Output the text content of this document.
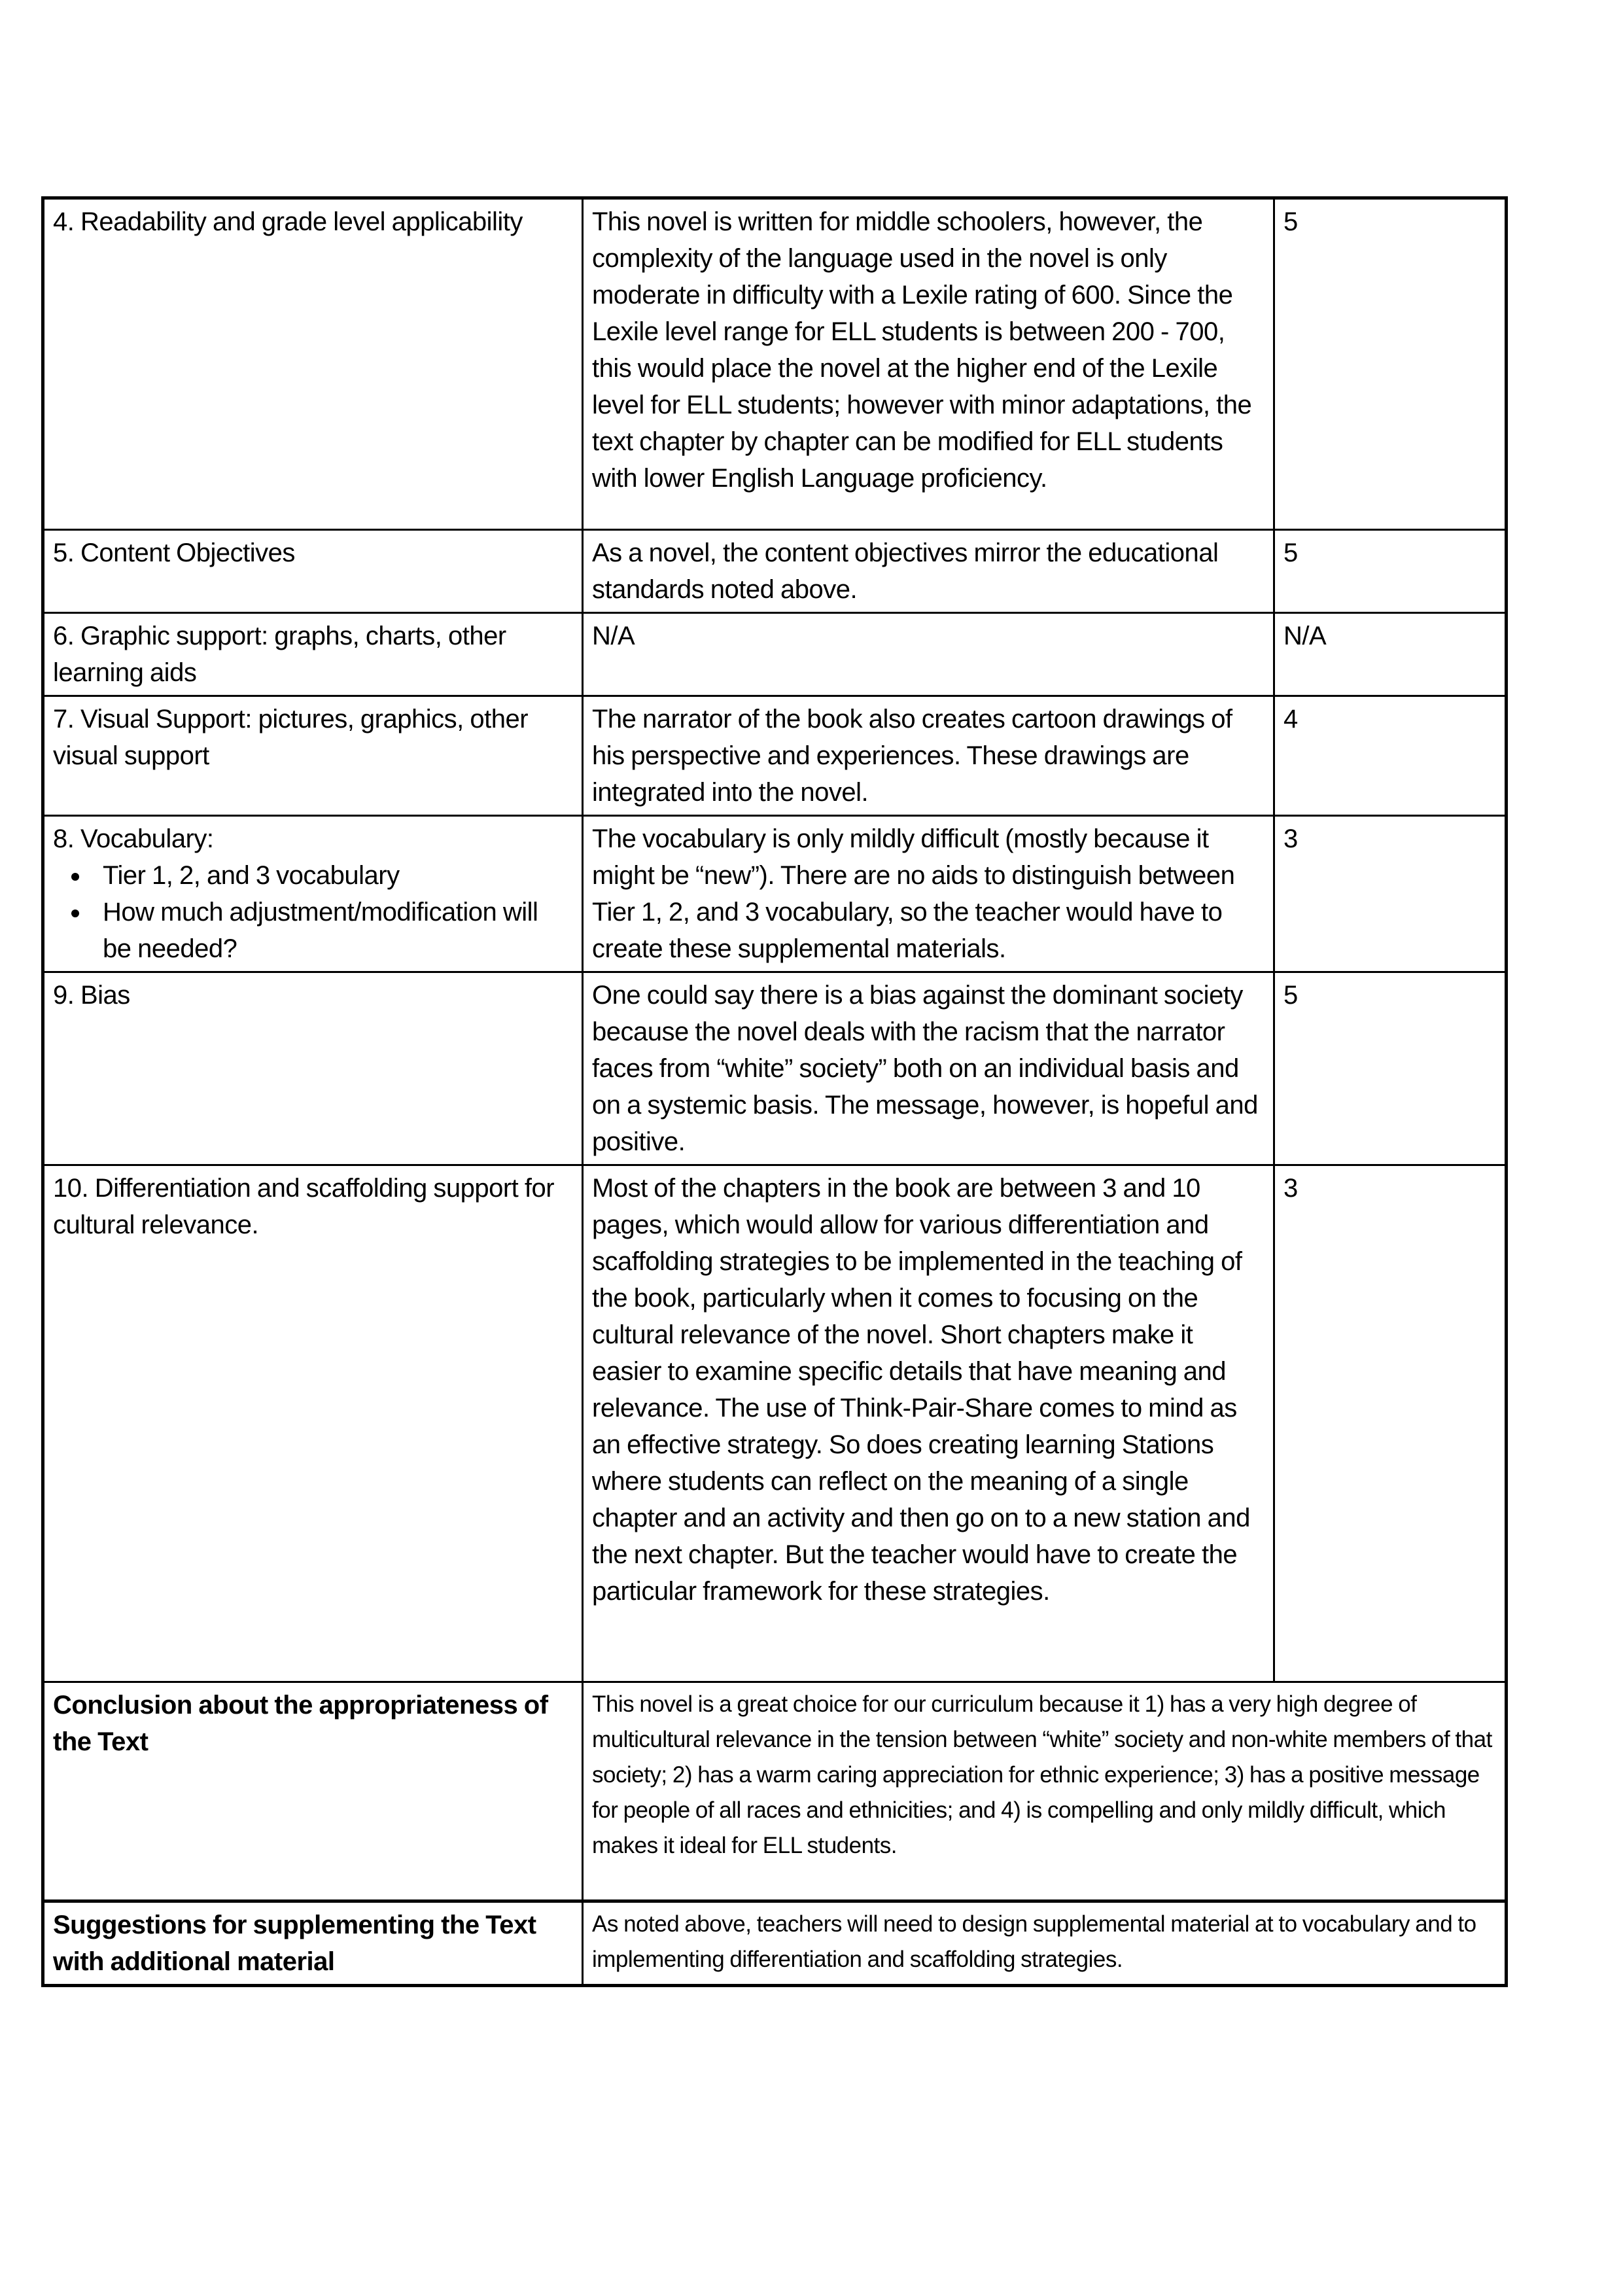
4. Readability and grade level applicability	This novel is written for middle schoolers, however, the complexity of the language used in the novel is only moderate in difficulty with a Lexile rating of 600. Since the Lexile level range for ELL students is between 200 - 700, this would place the novel at the higher end of the Lexile level for ELL students; however with minor adaptations, the text chapter by chapter can be modified for ELL students with lower English Language proficiency.	5

5. Content Objectives	As a novel, the content objectives mirror the educational standards noted above.	5

6. Graphic support: graphs, charts, other learning aids	N/A	N/A

7. Visual Support: pictures, graphics, other visual support	The narrator of the book also creates cartoon drawings of his perspective and experiences. These drawings are integrated into the novel.	4

8. Vocabulary:
• Tier 1, 2, and 3 vocabulary
• How much adjustment/modification will be needed?
	The vocabulary is only mildly difficult (mostly because it might be “new”). There are no aids to distinguish between Tier 1, 2, and 3 vocabulary, so the teacher would have to create these supplemental materials.	3

9. Bias	One could say there is a bias against the dominant society because the novel deals with the racism that the narrator faces from “white” society” both on an individual basis and on a systemic basis. The message, however, is hopeful and positive.	5

10. Differentiation and scaffolding support for cultural relevance.	Most of the chapters in the book are between 3 and 10 pages, which would allow for various differentiation and scaffolding strategies to be implemented in the teaching of the book, particularly when it comes to focusing on the cultural relevance of the novel. Short chapters make it easier to examine specific details that have meaning and relevance. The use of Think-Pair-Share comes to mind as an effective strategy. So does creating learning Stations where students can reflect on the meaning of a single chapter and an activity and then go on to a new station and the next chapter. But the teacher would have to create the particular framework for these strategies.	3
Conclusion about the appropriateness of the Text	This novel is a great choice for our curriculum because it 1) has a very high degree of multicultural relevance in the tension between “white” society and non-white members of that society; 2) has a warm caring appreciation for ethnic experience; 3) has a positive message for people of all races and ethnicities; and 4) is compelling and only mildly difficult, which makes it ideal for ELL students.	
Suggestions for supplementing the Text with additional material	As noted above, teachers will need to design supplemental material at to vocabulary and to implementing differentiation and scaffolding strategies.	
